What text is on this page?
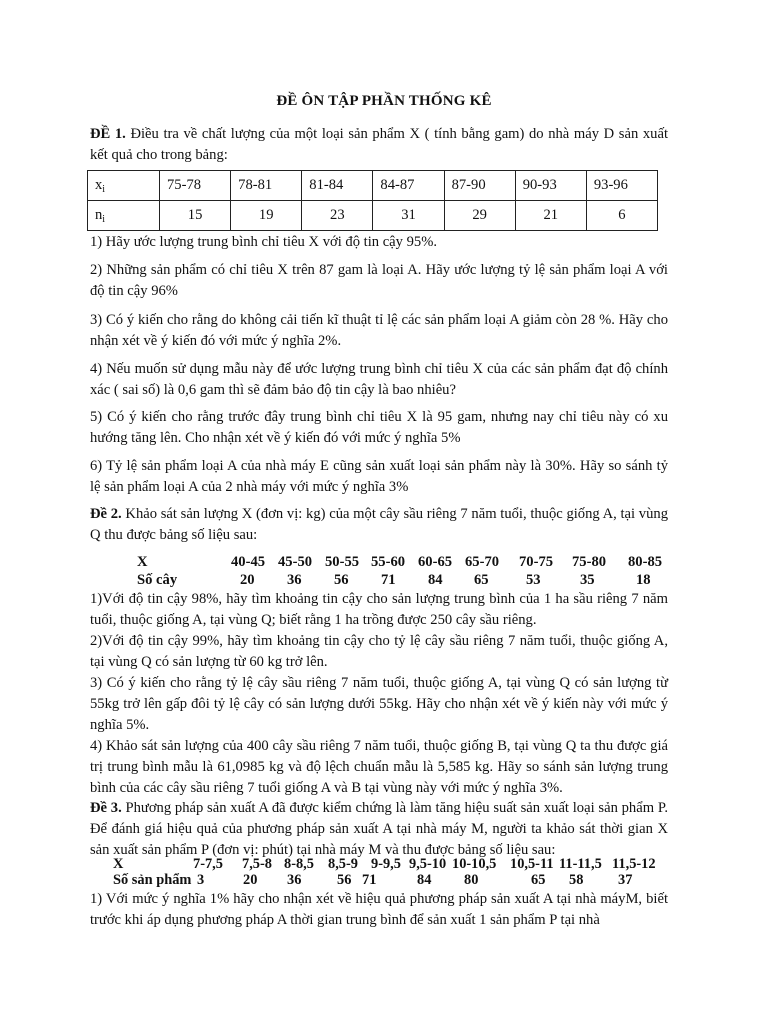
ĐỀ ÔN TẬP PHẦN THỐNG KÊ
ĐỀ 1. Điều tra về chất lượng của một loại sản phẩm X ( tính bằng gam) do nhà máy D sản xuất kết quả cho trong bảng:
$x_i$	75-78	78-81	81-84	84-87	87-90	90-93	93-96
$n_i$	15	19	23	31	29	21	6
1) Hãy ước lượng trung bình chỉ tiêu X với độ tin cậy 95%.
2) Những sản phẩm có chỉ tiêu X trên 87 gam là loại A. Hãy ước lượng tỷ lệ sản phẩm loại A với độ tin cậy 96%
3) Có ý kiến cho rằng do không cải tiến kĩ thuật tỉ lệ các sản phẩm loại A giảm còn 28 %. Hãy cho nhận xét về ý kiến đó với mức ý nghĩa 2%.
4) Nếu muốn sử dụng mẫu này để ước lượng trung bình chỉ tiêu X của các sản phẩm đạt độ chính xác ( sai số) là 0,6 gam thì sẽ đảm bảo độ tin cậy là bao nhiêu?
5) Có ý kiến cho rằng trước đây trung bình chỉ tiêu X là 95 gam, nhưng nay chỉ tiêu này có xu hướng tăng lên. Cho nhận xét về ý kiến đó với mức ý nghĩa 5%
6) Tỷ lệ sản phẩm loại A của nhà máy E cũng sản xuất loại sản phẩm này là 30%. Hãy so sánh tỷ lệ sản phẩm loại A của 2 nhà máy với mức ý nghĩa 3%
Đề 2. Khảo sát sản lượng X (đơn vị: kg) của một cây sầu riêng 7 năm tuổi, thuộc giống A, tại vùng Q thu được bảng số liệu sau:
X	40-45 45-50 50-55 55-60 60-65 65-70 70-75 75-80 80-85
Số cây	20 36 56 71 84 65	53	35	18
1)Với độ tin cậy 98%, hãy tìm khoảng tin cậy cho sản lượng trung bình của 1 ha sầu riêng 7 năm tuổi, thuộc giống A, tại vùng Q; biết rằng 1 ha trồng được 250 cây sầu riêng.
2)Với độ tin cậy 99%, hãy tìm khoảng tin cậy cho tỷ lệ cây sầu riêng 7 năm tuổi, thuộc giống A, tại vùng Q có sản lượng từ 60 kg trở lên.
3) Có ý kiến cho rằng tỷ lệ cây sầu riêng 7 năm tuổi, thuộc giống A, tại vùng Q có sản lượng từ 55kg trở lên gấp đôi tỷ lệ cây có sản lượng dưới 55kg. Hãy cho nhận xét về ý kiến này với mức ý nghĩa 5%.
4) Khảo sát sản lượng của 400 cây sầu riêng 7 năm tuổi, thuộc giống B, tại vùng Q ta thu được giá trị trung bình mẫu là 61,0985 kg và độ lệch chuẩn mẫu là 5,585 kg. Hãy so sánh sản lượng trung bình của các cây sầu riêng 7 tuổi giống A và B tại vùng này với mức ý nghĩa 3%.
Đề 3. Phương pháp sản xuất A đã được kiểm chứng là làm tăng hiệu suất sản xuất loại sản phẩm P. Để đánh giá hiệu quả của phương pháp sản xuất A tại nhà máy M, người ta khảo sát thời gian X sản xuất sản phẩm P (đơn vị: phút) tại nhà máy M và thu được bảng số liệu sau:
X	7-7,5 7,5-8 8-8,5 8,5-9 9-9,5 9,5-10 10-10,5 10,5-11 11-11,5 11,5-12
Số sản phẩm 3	20 36 56 71	84 80	65 58 37
1) Với mức ý nghĩa 1% hãy cho nhận xét về hiệu quả phương pháp sản xuất A tại nhà máyM, biết trước khi áp dụng phương pháp A thời gian trung bình để sản xuất 1 sản phẩm P tại nhà
